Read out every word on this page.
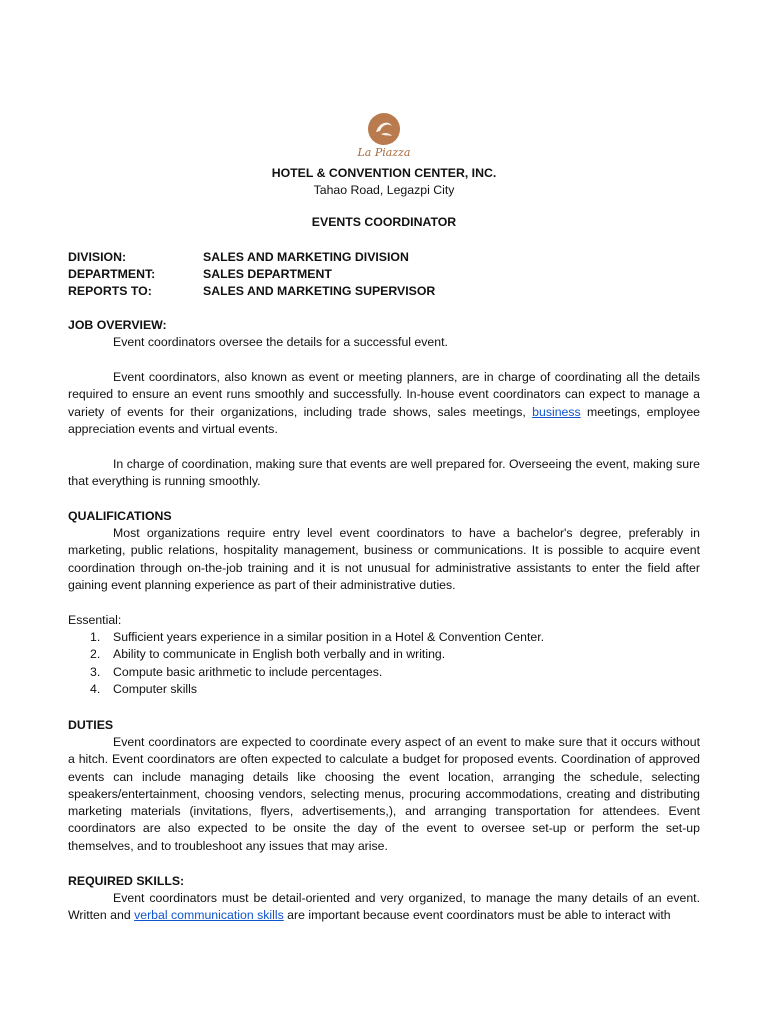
La Piazza
HOTEL & CONVENTION CENTER, INC.
Tahao Road, Legazpi City
EVENTS COORDINATOR
DIVISION:	SALES AND MARKETING DIVISION
DEPARTMENT:	SALES DEPARTMENT
REPORTS TO:	SALES AND MARKETING SUPERVISOR
JOB OVERVIEW:
Event coordinators oversee the details for a successful event.
Event coordinators, also known as event or meeting planners, are in charge of coordinating all the details required to ensure an event runs smoothly and successfully. In-house event coordinators can expect to manage a variety of events for their organizations, including trade shows, sales meetings, business meetings, employee appreciation events and virtual events.
In charge of coordination, making sure that events are well prepared for. Overseeing the event, making sure that everything is running smoothly.
QUALIFICATIONS
Most organizations require entry level event coordinators to have a bachelor's degree, preferably in marketing, public relations, hospitality management, business or communications. It is possible to acquire event coordination through on-the-job training and it is not unusual for administrative assistants to enter the field after gaining event planning experience as part of their administrative duties.
Essential:
1. Sufficient years experience in a similar position in a Hotel & Convention Center.
2. Ability to communicate in English both verbally and in writing.
3. Compute basic arithmetic to include percentages.
4. Computer skills
DUTIES
Event coordinators are expected to coordinate every aspect of an event to make sure that it occurs without a hitch. Event coordinators are often expected to calculate a budget for proposed events. Coordination of approved events can include managing details like choosing the event location, arranging the schedule, selecting speakers/entertainment, choosing vendors, selecting menus, procuring accommodations, creating and distributing marketing materials (invitations, flyers, advertisements,), and arranging transportation for attendees. Event coordinators are also expected to be onsite the day of the event to oversee set-up or perform the set-up themselves, and to troubleshoot any issues that may arise.
REQUIRED SKILLS:
Event coordinators must be detail-oriented and very organized, to manage the many details of an event. Written and verbal communication skills are important because event coordinators must be able to interact with
